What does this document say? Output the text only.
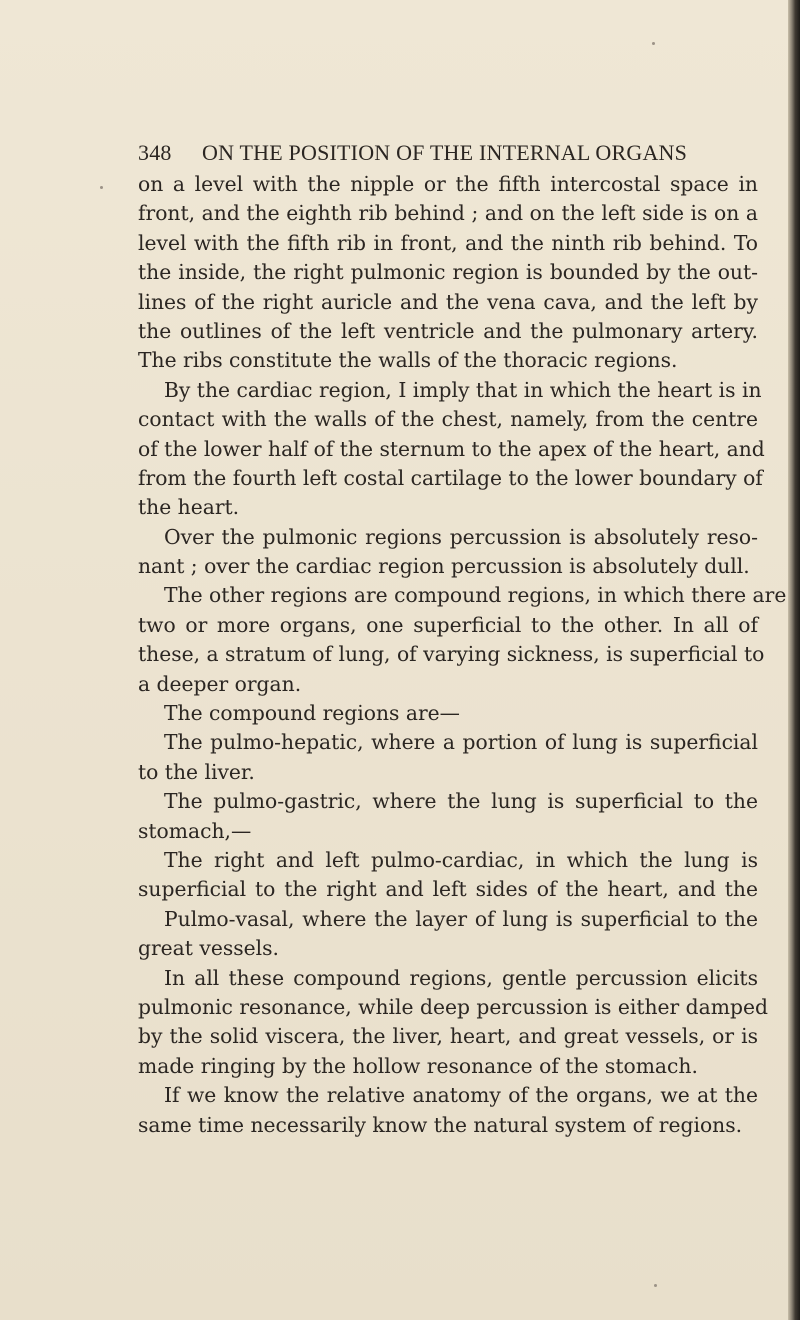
348 ON THE POSITION OF THE INTERNAL ORGANS
on a level with the nipple or the fifth intercostal space in
front, and the eighth rib behind ; and on the left side is on a
level with the fifth rib in front, and the ninth rib behind. To
the inside, the right pulmonic region is bounded by the out-
lines of the right auricle and the vena cava, and the left by
the outlines of the left ventricle and the pulmonary artery.
The ribs constitute the walls of the thoracic regions.
By the cardiac region, I imply that in which the heart is in
contact with the walls of the chest, namely, from the centre
of the lower half of the sternum to the apex of the heart, and
from the fourth left costal cartilage to the lower boundary of
the heart.
Over the pulmonic regions percussion is absolutely reso-
nant ; over the cardiac region percussion is absolutely dull.
The other regions are compound regions, in which there are
two or more organs, one superficial to the other. In all of
these, a stratum of lung, of varying sickness, is superficial to
a deeper organ.
The compound regions are—
The pulmo-hepatic, where a portion of lung is superficial
to the liver.
The pulmo-gastric, where the lung is superficial to the
stomach,—
The right and left pulmo-cardiac, in which the lung is
superficial to the right and left sides of the heart, and the
Pulmo-vasal, where the layer of lung is superficial to the
great vessels.
In all these compound regions, gentle percussion elicits
pulmonic resonance, while deep percussion is either damped
by the solid viscera, the liver, heart, and great vessels, or is
made ringing by the hollow resonance of the stomach.
If we know the relative anatomy of the organs, we at the
same time necessarily know the natural system of regions.
